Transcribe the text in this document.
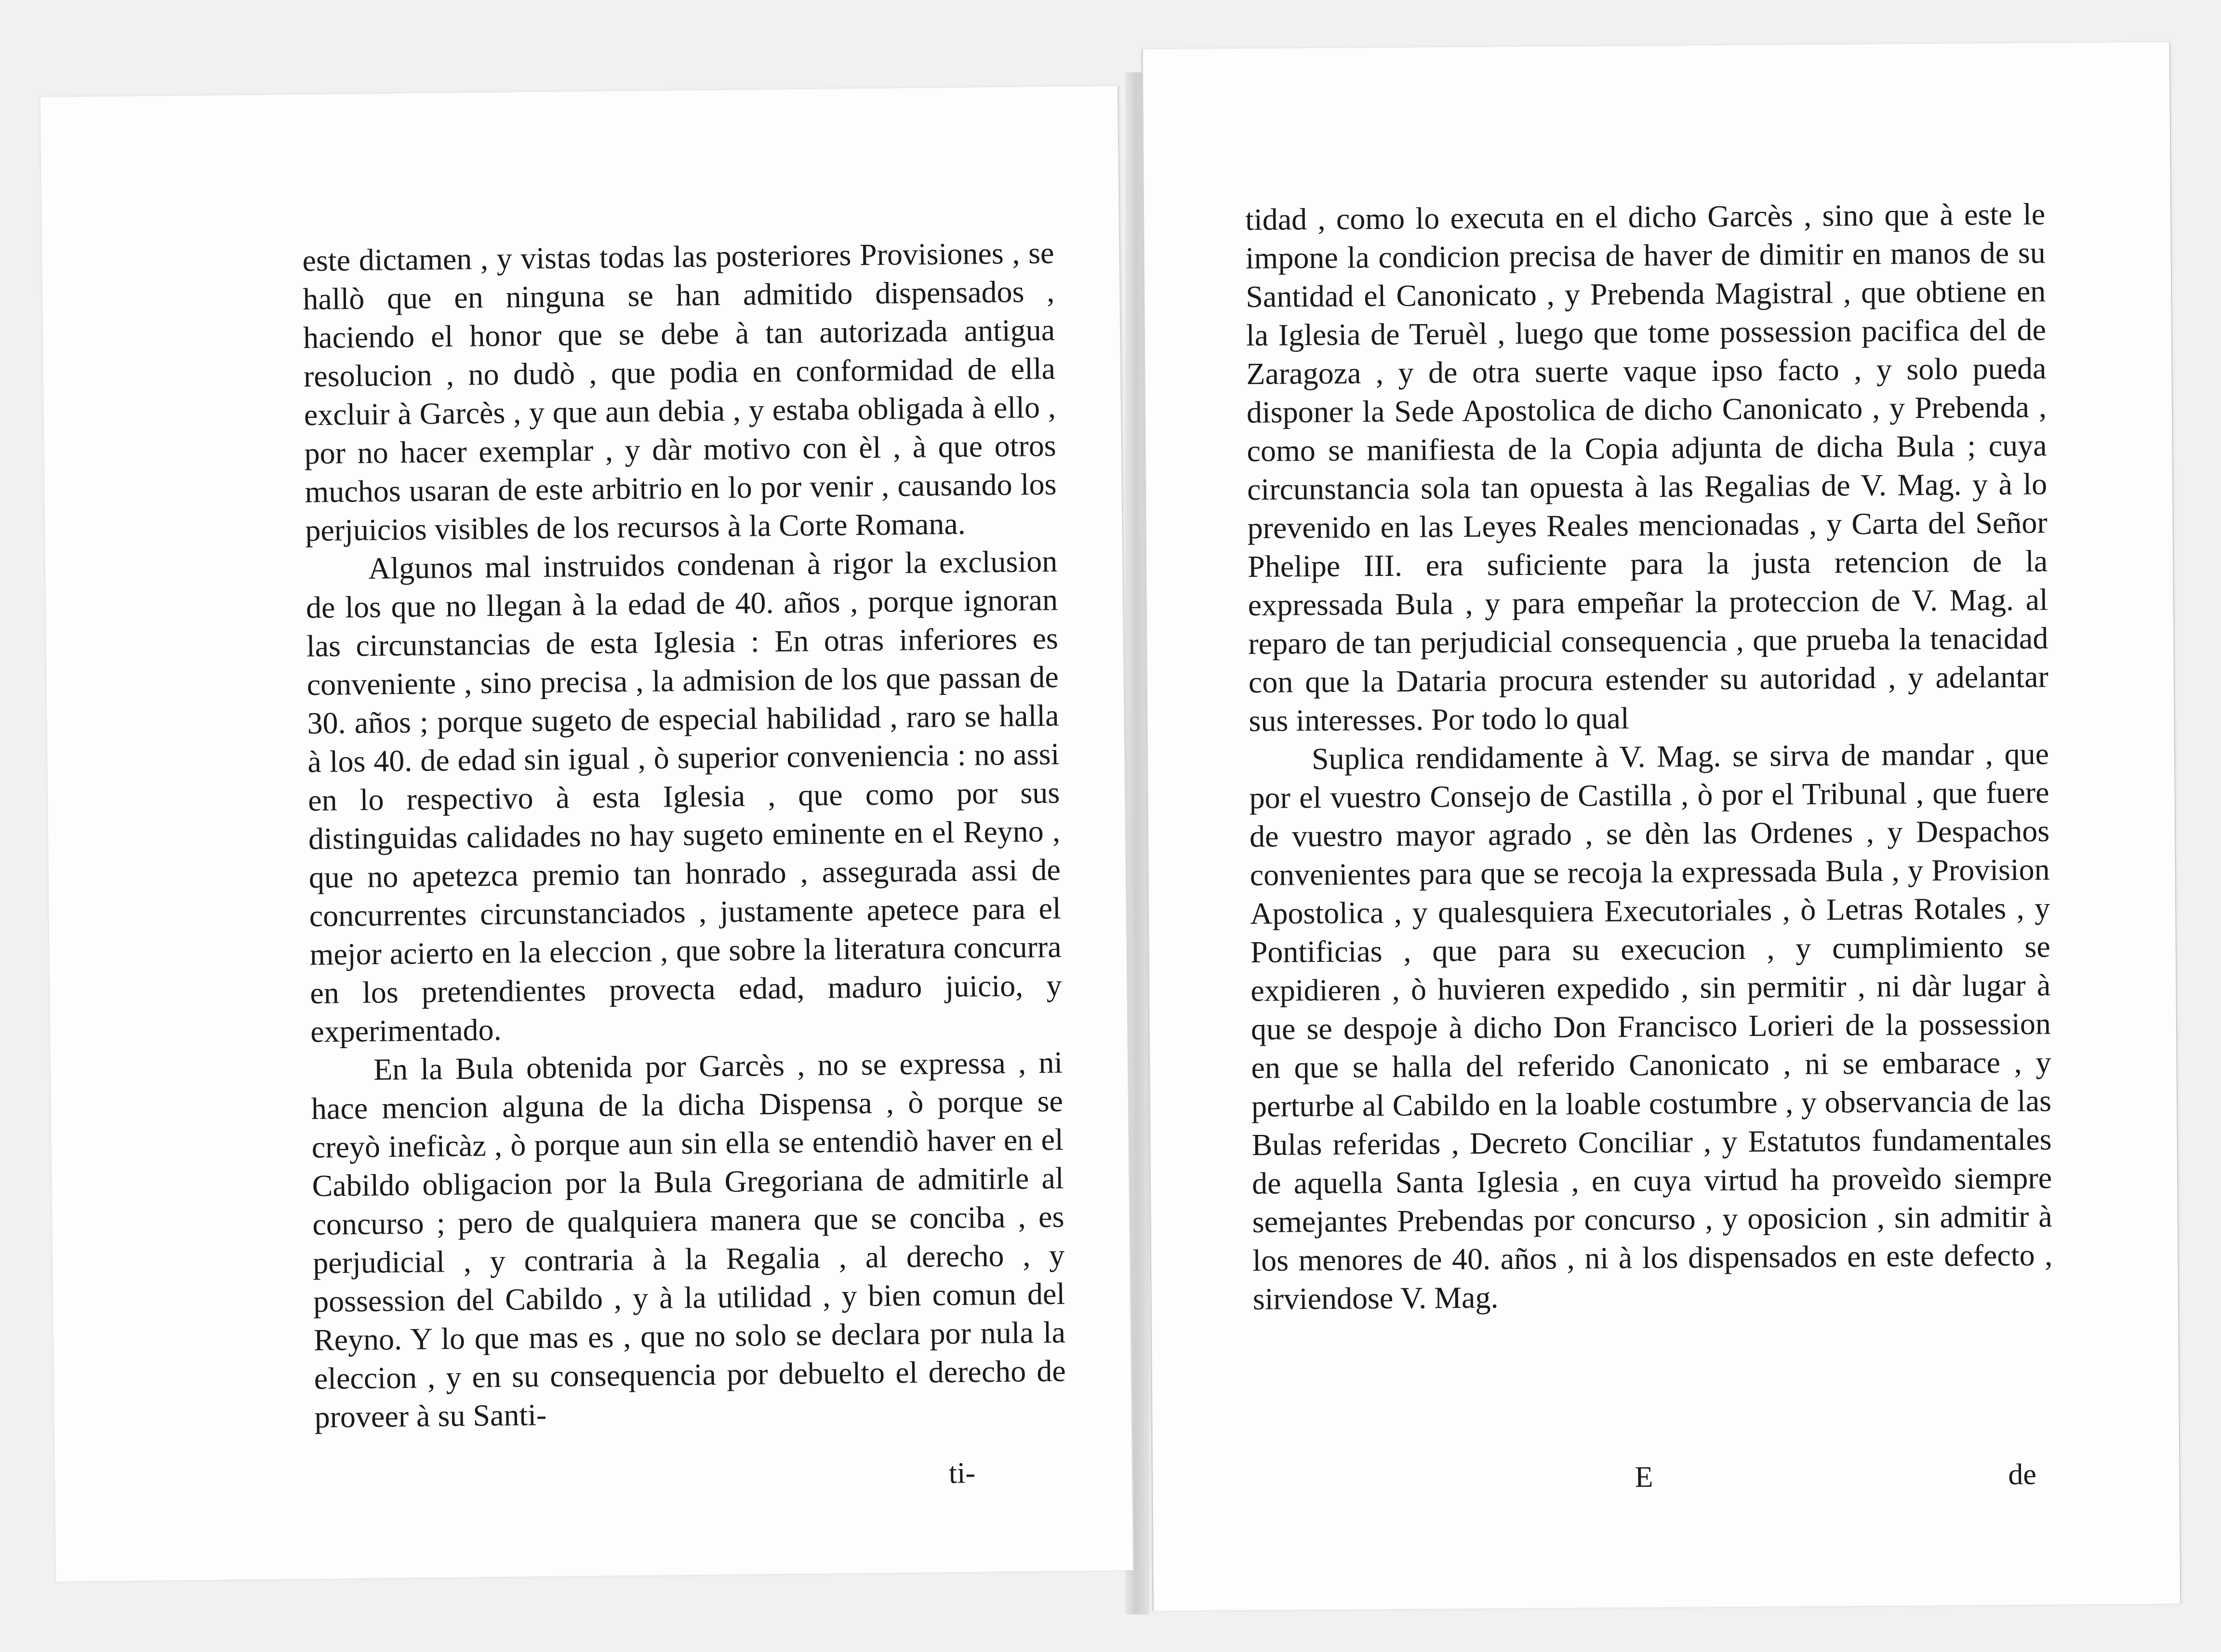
este dictamen , y vistas todas las posteriores Provisiones , se hallò que en ninguna se han admitido dispensados , haciendo el honor que se debe à tan autorizada antigua resolucion , no dudò , que podia en conformidad de ella excluir à Garcès , y que aun debia , y estaba obligada à ello , por no hacer exemplar , y dàr motivo con èl , à que otros muchos usaran de este arbitrio en lo por venir , causando los perjuicios visibles de los recursos à la Corte Romana.

Algunos mal instruidos condenan à rigor la exclusion de los que no llegan à la edad de 40. años , porque ignoran las circunstancias de esta Iglesia : En otras inferiores es conveniente , sino precisa , la admision de los que passan de 30. años ; porque sugeto de especial habilidad , raro se halla à los 40. de edad sin igual , ò superior conveniencia : no assi en lo respectivo à esta Iglesia , que como por sus distinguidas calidades no hay sugeto eminente en el Reyno , que no apetezca premio tan honrado , assegurada assi de concurrentes circunstanciados , justamente apetece para el mejor acierto en la eleccion , que sobre la literatura concurra en los pretendientes provecta edad, maduro juicio, y experimentado.

En la Bula obtenida por Garcès , no se expressa , ni hace mencion alguna de la dicha Dispensa , ò porque se creyò ineficàz , ò porque aun sin ella se entendiò haver en el Cabildo obligacion por la Bula Gregoriana de admitirle al concurso ; pero de qualquiera manera que se conciba , es perjudicial , y contraria à la Regalia , al derecho , y possession del Cabildo , y à la utilidad , y bien comun del Reyno. Y lo que mas es , que no solo se declara por nula la eleccion , y en su consequencia por debuelto el derecho de proveer à su Santi-

ti-

tidad , como lo executa en el dicho Garcès , sino que à este le impone la condicion precisa de haver de dimitir en manos de su Santidad el Canonicato , y Prebenda Magistral , que obtiene en la Iglesia de Teruèl , luego que tome possession pacifica del de Zaragoza , y de otra suerte vaque ipso facto , y solo pueda disponer la Sede Apostolica de dicho Canonicato , y Prebenda , como se manifiesta de la Copia adjunta de dicha Bula ; cuya circunstancia sola tan opuesta à las Regalias de V. Mag. y à lo prevenido en las Leyes Reales mencionadas , y Carta del Señor Phelipe III. era suficiente para la justa retencion de la expressada Bula , y para empeñar la proteccion de V. Mag. al reparo de tan perjudicial consequencia , que prueba la tenacidad con que la Dataria procura estender su autoridad , y adelantar sus interesses. Por todo lo qual

Suplica rendidamente à V. Mag. se sirva de mandar , que por el vuestro Consejo de Castilla , ò por el Tribunal , que fuere de vuestro mayor agrado , se dèn las Ordenes , y Despachos convenientes para que se recoja la expressada Bula , y Provision Apostolica , y qualesquiera Executoriales , ò Letras Rotales , y Pontificias , que para su execucion , y cumplimiento se expidieren , ò huvieren expedido , sin permitir , ni dàr lugar à que se despoje à dicho Don Francisco Lorieri de la possession en que se halla del referido Canonicato , ni se embarace , y perturbe al Cabildo en la loable costumbre , y observancia de las Bulas referidas , Decreto Conciliar , y Estatutos fundamentales de aquella Santa Iglesia , en cuya virtud ha proveìdo siempre semejantes Prebendas por concurso , y oposicion , sin admitir à los menores de 40. años , ni à los dispensados en este defecto , sirviendose V. Mag.

E	de
